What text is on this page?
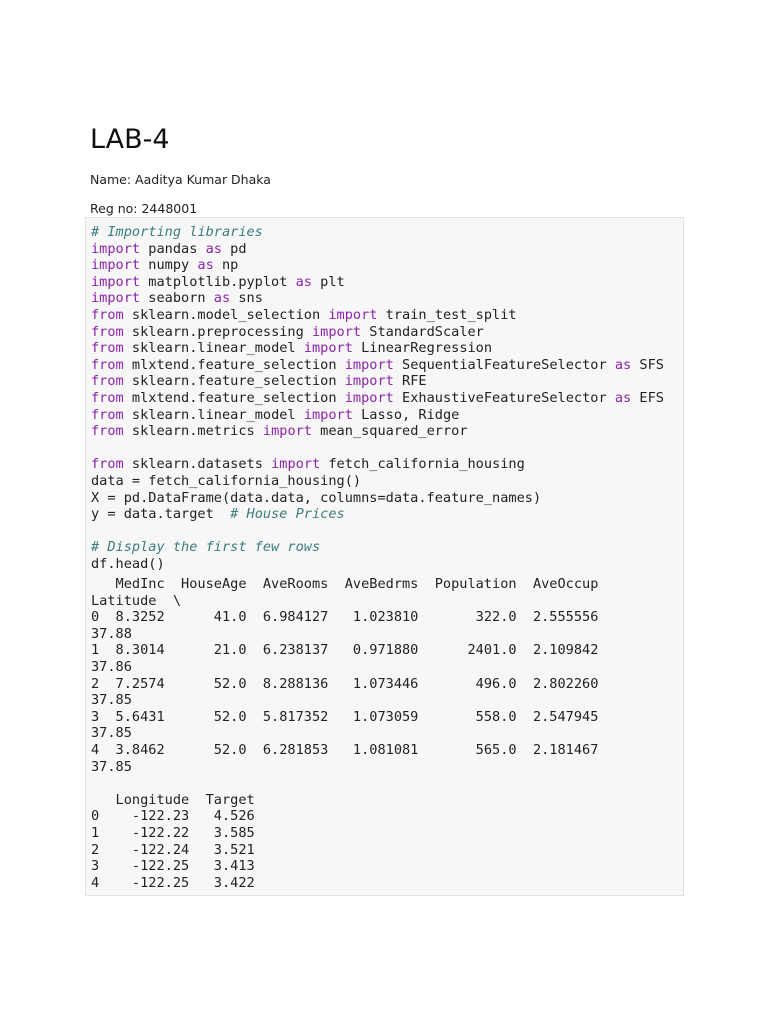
LAB-4

Name: Aaditya Kumar Dhaka

Reg no: 2448001

# Importing libraries
import pandas as pd
import numpy as np
import matplotlib.pyplot as plt
import seaborn as sns
from sklearn.model_selection import train_test_split
from sklearn.preprocessing import StandardScaler
from sklearn.linear_model import LinearRegression
from mlxtend.feature_selection import SequentialFeatureSelector as SFS
from sklearn.feature_selection import RFE
from mlxtend.feature_selection import ExhaustiveFeatureSelector as EFS
from sklearn.linear_model import Lasso, Ridge
from sklearn.metrics import mean_squared_error

from sklearn.datasets import fetch_california_housing
data = fetch_california_housing()
X = pd.DataFrame(data.data, columns=data.feature_names)
y = data.target  # House Prices

# Display the first few rows
df.head()

MedInc  HouseAge  AveRooms  AveBedrms  Population  AveOccup
Latitude  \
0  8.3252      41.0  6.984127   1.023810       322.0  2.555556
37.88
1  8.3014      21.0  6.238137   0.971880      2401.0  2.109842
37.86
2  7.2574      52.0  8.288136   1.073446       496.0  2.802260
37.85
3  5.6431      52.0  5.817352   1.073059       558.0  2.547945
37.85
4  3.8462      52.0  6.281853   1.081081       565.0  2.181467
37.85

Longitude  Target
0    -122.23   4.526
1    -122.22   3.585
2    -122.24   3.521
3    -122.25   3.413
4    -122.25   3.422
